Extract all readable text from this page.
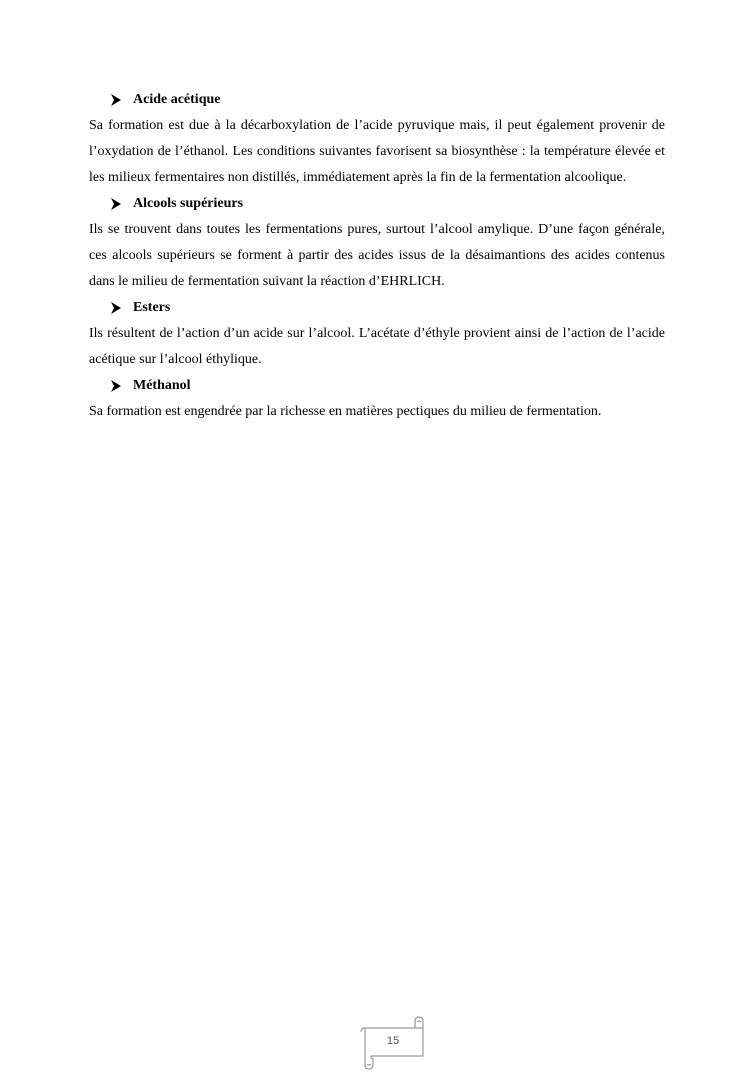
Acide acétique

Sa formation est due à la décarboxylation de l’acide pyruvique mais, il peut également provenir de l’oxydation de l’éthanol. Les conditions suivantes favorisent sa biosynthèse : la température élevée et les milieux fermentaires non distillés, immédiatement après la fin de la fermentation alcoolique.

Alcools supérieurs

Ils se trouvent dans toutes les fermentations pures, surtout l’alcool amylique. D’une façon générale, ces alcools supérieurs se forment à partir des acides issus de la désaimantions des acides contenus dans le milieu de fermentation suivant la réaction d’EHRLICH.

Esters

Ils résultent de l’action d’un acide sur l’alcool. L’acétate d’éthyle provient ainsi de l’action de l’acide acétique sur l’alcool éthylique.

Méthanol

Sa formation est engendrée par la richesse en matières pectiques du milieu de fermentation.

15
